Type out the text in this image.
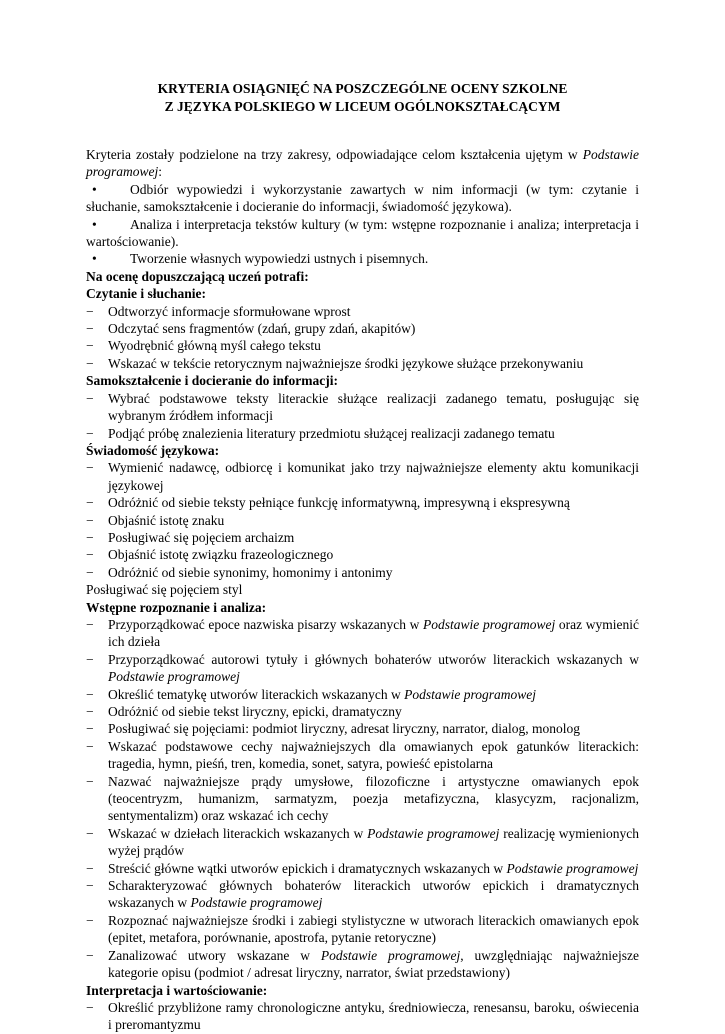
KRYTERIA OSIĄGNIĘĆ NA POSZCZEGÓLNE OCENY SZKOLNE
Z JĘZYKA POLSKIEGO W LICEUM OGÓLNOKSZTAŁCĄCYM

Kryteria zostały podzielone na trzy zakresy, odpowiadające celom kształcenia ujętym w Podstawie programowej:

• Odbiór wypowiedzi i wykorzystanie zawartych w nim informacji (w tym: czytanie i słuchanie, samokształcenie i docieranie do informacji, świadomość językowa).

• Analiza i interpretacja tekstów kultury (w tym: wstępne rozpoznanie i analiza; interpretacja i wartościowanie).

• Tworzenie własnych wypowiedzi ustnych i pisemnych.

Na ocenę dopuszczającą uczeń potrafi:

Czytanie i słuchanie:

−	Odtworzyć informacje sformułowane wprost

−	Odczytać sens fragmentów (zdań, grupy zdań, akapitów)

−	Wyodrębnić główną myśl całego tekstu

−	Wskazać w tekście retorycznym najważniejsze środki językowe służące przekonywaniu

Samokształcenie i docieranie do informacji:

−	Wybrać podstawowe teksty literackie służące realizacji zadanego tematu, posługując się wybranym źródłem informacji

−	Podjąć próbę znalezienia literatury przedmiotu służącej realizacji zadanego tematu

Świadomość językowa:

−	Wymienić nadawcę, odbiorcę i komunikat jako trzy najważniejsze elementy aktu komunikacji językowej

−	Odróżnić od siebie teksty pełniące funkcję informatywną, impresywną i ekspresywną

−	Objaśnić istotę znaku

−	Posługiwać się pojęciem archaizm

−	Objaśnić istotę związku frazeologicznego

−	Odróżnić od siebie synonimy, homonimy i antonimy

Posługiwać się pojęciem styl

Wstępne rozpoznanie i analiza:

−	Przyporządkować epoce nazwiska pisarzy wskazanych w Podstawie programowej oraz wymienić ich dzieła

−	Przyporządkować autorowi tytuły i głównych bohaterów utworów literackich wskazanych w Podstawie programowej

−	Określić tematykę utworów literackich wskazanych w Podstawie programowej

−	Odróżnić od siebie tekst liryczny, epicki, dramatyczny

−	Posługiwać się pojęciami: podmiot liryczny, adresat liryczny, narrator, dialog, monolog

−	Wskazać podstawowe cechy najważniejszych dla omawianych epok gatunków literackich: tragedia, hymn, pieśń, tren, komedia, sonet, satyra, powieść epistolarna

−	Nazwać najważniejsze prądy umysłowe, filozoficzne i artystyczne omawianych epok (teocentryzm, humanizm, sarmatyzm, poezja metafizyczna, klasycyzm, racjonalizm, sentymentalizm) oraz wskazać ich cechy

−	Wskazać w dziełach literackich wskazanych w Podstawie programowej realizację wymienionych wyżej prądów

−	Streścić główne wątki utworów epickich i dramatycznych wskazanych w Podstawie programowej

−	Scharakteryzować głównych bohaterów literackich utworów epickich i dramatycznych wskazanych w Podstawie programowej

−	Rozpoznać najważniejsze środki i zabiegi stylistyczne w utworach literackich omawianych epok (epitet, metafora, porównanie, apostrofa, pytanie retoryczne)

−	Zanalizować utwory wskazane w Podstawie programowej, uwzględniając najważniejsze kategorie opisu (podmiot / adresat liryczny, narrator, świat przedstawiony)

Interpretacja i wartościowanie:

−	Określić przybliżone ramy chronologiczne antyku, średniowiecza, renesansu, baroku, oświecenia i preromantyzmu
